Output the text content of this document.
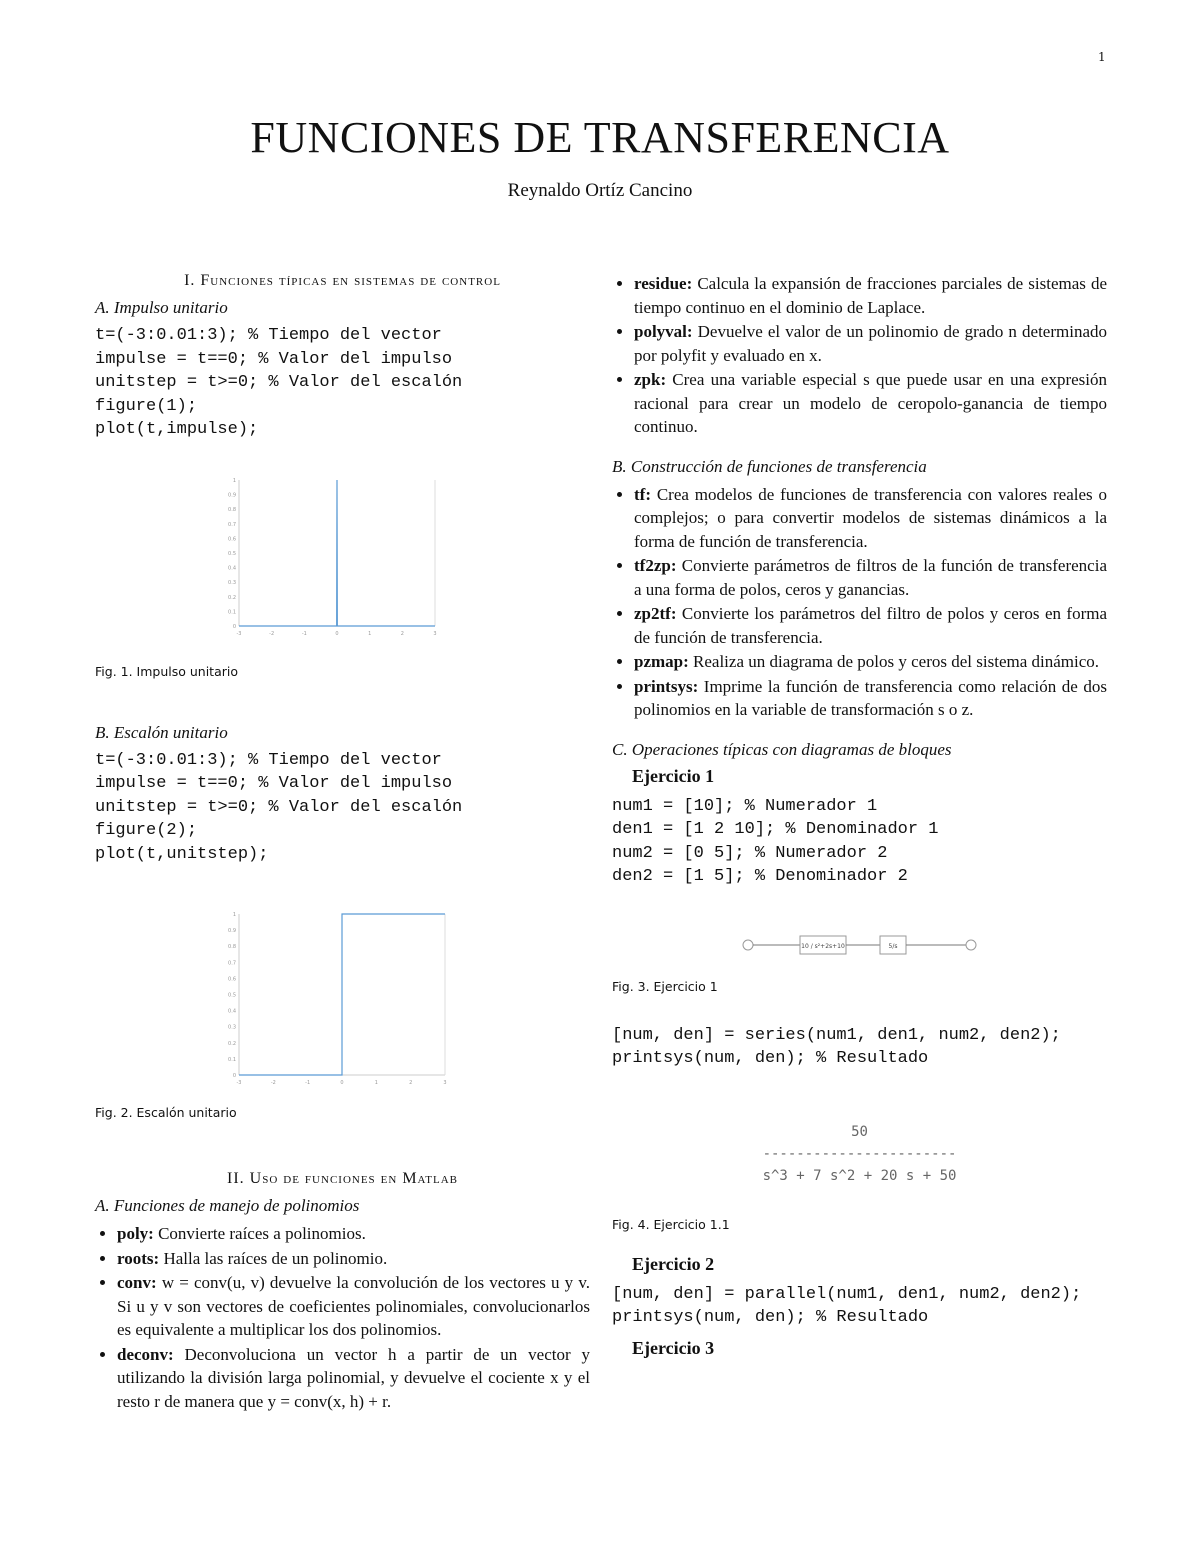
1
FUNCIONES DE TRANSFERENCIA
Reynaldo Ortíz Cancino
I. Funciones típicas en sistemas de control
A. Impulso unitario
t=(-3:0.01:3); % Tiempo del vector
impulse = t==0; % Valor del impulso
unitstep = t>=0; % Valor del escalón
figure(1);
plot(t,impulse);
0
0.1
0.2
0.3
0.4
0.5
0.6
0.7
0.8
0.9
1
-3	-2	-1	0	1	2	3
Fig. 1. Impulso unitario
B. Escalón unitario
t=(-3:0.01:3); % Tiempo del vector
impulse = t==0; % Valor del impulso
unitstep = t>=0; % Valor del escalón
figure(2);
plot(t,unitstep);
0
0.1
0.2
0.3
0.4
0.5
0.6
0.7
0.8
0.9
1
-3	-2	-1	0	1	2	3
Fig. 2. Escalón unitario
II. Uso de funciones en Matlab
A. Funciones de manejo de polinomios
• poly: Convierte raíces a polinomios.
• roots: Halla las raíces de un polinomio.
• conv: w = conv(u, v) devuelve la convolución de los vectores u y v. Si u y v son vectores de coeficientes polinomiales, convolucionarlos es equivalente a multiplicar los dos polinomios.
• deconv: Deconvoluciona un vector h a partir de un vector y utilizando la división larga polinomial, y devuelve el cociente x y el resto r de manera que y = conv(x, h) + r.
• residue: Calcula la expansión de fracciones parciales de sistemas de tiempo continuo en el dominio de Laplace.
• polyval: Devuelve el valor de un polinomio de grado n determinado por polyfit y evaluado en x.
• zpk: Crea una variable especial s que puede usar en una expresión racional para crear un modelo de ceropolo-ganancia de tiempo continuo.
B. Construcción de funciones de transferencia
• tf: Crea modelos de funciones de transferencia con valores reales o complejos; o para convertir modelos de sistemas dinámicos a la forma de función de transferencia.
• tf2zp: Convierte parámetros de filtros de la función de transferencia a una forma de polos, ceros y ganancias.
• zp2tf: Convierte los parámetros del filtro de polos y ceros en forma de función de transferencia.
• pzmap: Realiza un diagrama de polos y ceros del sistema dinámico.
• printsys: Imprime la función de transferencia como relación de dos polinomios en la variable de transformación s o z.
C. Operaciones típicas con diagramas de bloques
Ejercicio 1
num1 = [10]; % Numerador 1
den1 = [1 2 10]; % Denominador 1
num2 = [0 5]; % Numerador 2
den2 = [1 5]; % Denominador 2
10 / s²+2s+10	5/s
Fig. 3. Ejercicio 1
[num, den] = series(num1, den1, num2, den2);
printsys(num, den); % Resultado
50
-----------------------
s^3 + 7 s^2 + 20 s + 50
Fig. 4. Ejercicio 1.1
Ejercicio 2
[num, den] = parallel(num1, den1, num2, den2);
printsys(num, den); % Resultado
Ejercicio 3
